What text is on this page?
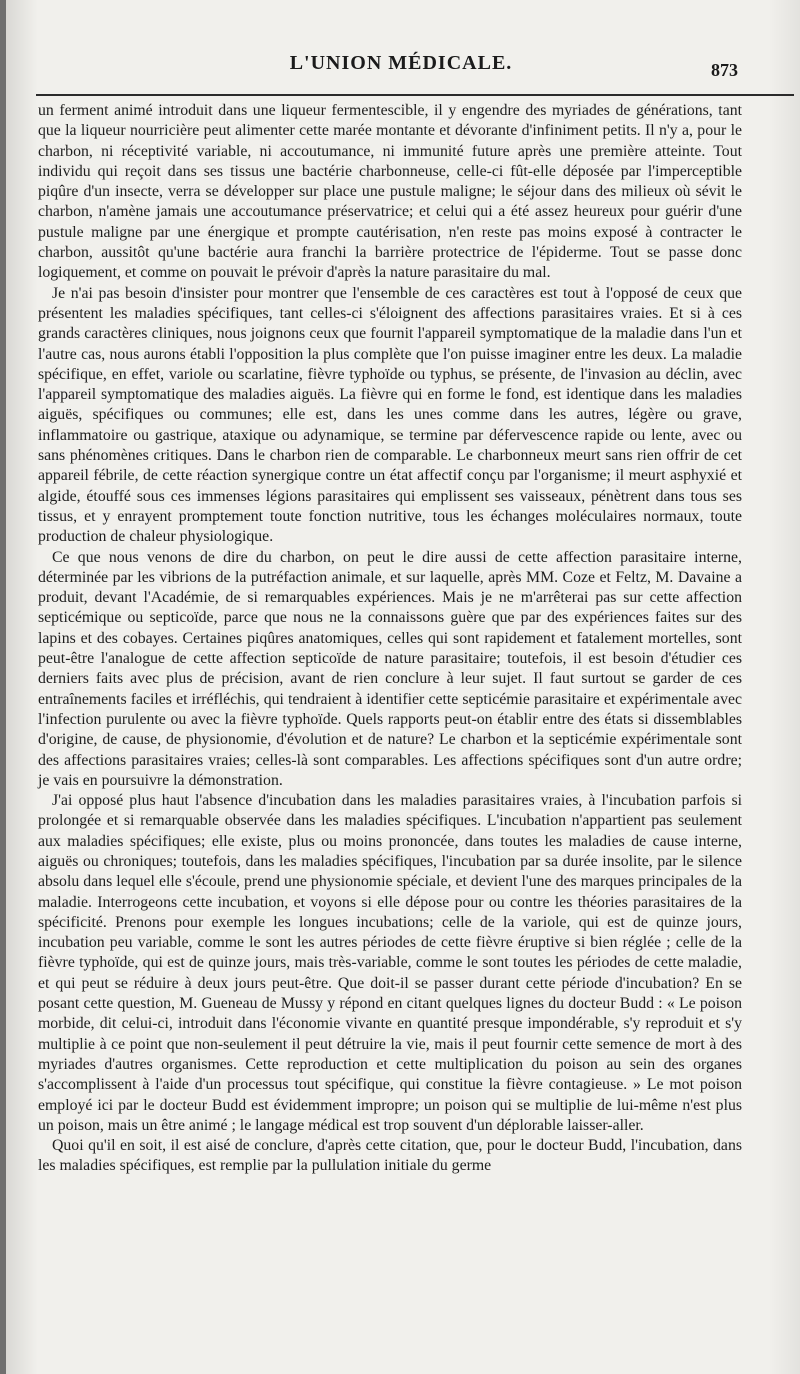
L'UNION MÉDICALE.	873

un ferment animé introduit dans une liqueur fermentescible, il y engendre des myriades de générations, tant que la liqueur nourricière peut alimenter cette marée montante et dévorante d'infiniment petits. Il n'y a, pour le charbon, ni réceptivité variable, ni accoutumance, ni immunité future après une première atteinte. Tout individu qui reçoit dans ses tissus une bactérie charbonneuse, celle-ci fût-elle déposée par l'imperceptible piqûre d'un insecte, verra se développer sur place une pustule maligne; le séjour dans des milieux où sévit le charbon, n'amène jamais une accoutumance préservatrice; et celui qui a été assez heureux pour guérir d'une pustule maligne par une énergique et prompte cautérisation, n'en reste pas moins exposé à contracter le charbon, aussitôt qu'une bactérie aura franchi la barrière protectrice de l'épiderme. Tout se passe donc logiquement, et comme on pouvait le prévoir d'après la nature parasitaire du mal.

Je n'ai pas besoin d'insister pour montrer que l'ensemble de ces caractères est tout à l'opposé de ceux que présentent les maladies spécifiques, tant celles-ci s'éloignent des affections parasitaires vraies. Et si à ces grands caractères cliniques, nous joignons ceux que fournit l'appareil symptomatique de la maladie dans l'un et l'autre cas, nous aurons établi l'opposition la plus complète que l'on puisse imaginer entre les deux. La maladie spécifique, en effet, variole ou scarlatine, fièvre typhoïde ou typhus, se présente, de l'invasion au déclin, avec l'appareil symptomatique des maladies aiguës. La fièvre qui en forme le fond, est identique dans les maladies aiguës, spécifiques ou communes; elle est, dans les unes comme dans les autres, légère ou grave, inflammatoire ou gastrique, ataxique ou adynamique, se termine par défervescence rapide ou lente, avec ou sans phénomènes critiques. Dans le charbon rien de comparable. Le charbonneux meurt sans rien offrir de cet appareil fébrile, de cette réaction synergique contre un état affectif conçu par l'organisme; il meurt asphyxié et algide, étouffé sous ces immenses légions parasitaires qui emplissent ses vaisseaux, pénètrent dans tous ses tissus, et y enrayent promptement toute fonction nutritive, tous les échanges moléculaires normaux, toute production de chaleur physiologique.

Ce que nous venons de dire du charbon, on peut le dire aussi de cette affection parasitaire interne, déterminée par les vibrions de la putréfaction animale, et sur laquelle, après MM. Coze et Feltz, M. Davaine a produit, devant l'Académie, de si remarquables expériences. Mais je ne m'arrêterai pas sur cette affection septicémique ou septicoïde, parce que nous ne la connaissons guère que par des expériences faites sur des lapins et des cobayes. Certaines piqûres anatomiques, celles qui sont rapidement et fatalement mortelles, sont peut-être l'analogue de cette affection septicoïde de nature parasitaire; toutefois, il est besoin d'étudier ces derniers faits avec plus de précision, avant de rien conclure à leur sujet. Il faut surtout se garder de ces entraînements faciles et irréfléchis, qui tendraient à identifier cette septicémie parasitaire et expérimentale avec l'infection purulente ou avec la fièvre typhoïde. Quels rapports peut-on établir entre des états si dissemblables d'origine, de cause, de physionomie, d'évolution et de nature? Le charbon et la septicémie expérimentale sont des affections parasitaires vraies; celles-là sont comparables. Les affections spécifiques sont d'un autre ordre; je vais en poursuivre la démonstration.

J'ai opposé plus haut l'absence d'incubation dans les maladies parasitaires vraies, à l'incubation parfois si prolongée et si remarquable observée dans les maladies spécifiques. L'incubation n'appartient pas seulement aux maladies spécifiques; elle existe, plus ou moins prononcée, dans toutes les maladies de cause interne, aiguës ou chroniques; toutefois, dans les maladies spécifiques, l'incubation par sa durée insolite, par le silence absolu dans lequel elle s'écoule, prend une physionomie spéciale, et devient l'une des marques principales de la maladie. Interrogeons cette incubation, et voyons si elle dépose pour ou contre les théories parasitaires de la spécificité. Prenons pour exemple les longues incubations; celle de la variole, qui est de quinze jours, incubation peu variable, comme le sont les autres périodes de cette fièvre éruptive si bien réglée ; celle de la fièvre typhoïde, qui est de quinze jours, mais très-variable, comme le sont toutes les périodes de cette maladie, et qui peut se réduire à deux jours peut-être. Que doit-il se passer durant cette période d'incubation? En se posant cette question, M. Gueneau de Mussy y répond en citant quelques lignes du docteur Budd : « Le poison morbide, dit celui-ci, introduit dans l'économie vivante en quantité presque impondérable, s'y reproduit et s'y multiplie à ce point que non-seulement il peut détruire la vie, mais il peut fournir cette semence de mort à des myriades d'autres organismes. Cette reproduction et cette multiplication du poison au sein des organes s'accomplissent à l'aide d'un processus tout spécifique, qui constitue la fièvre contagieuse. » Le mot poison employé ici par le docteur Budd est évidemment impropre; un poison qui se multiplie de lui-même n'est plus un poison, mais un être animé ; le langage médical est trop souvent d'un déplorable laisser-aller.

Quoi qu'il en soit, il est aisé de conclure, d'après cette citation, que, pour le docteur Budd, l'incubation, dans les maladies spécifiques, est remplie par la pullulation initiale du germe
